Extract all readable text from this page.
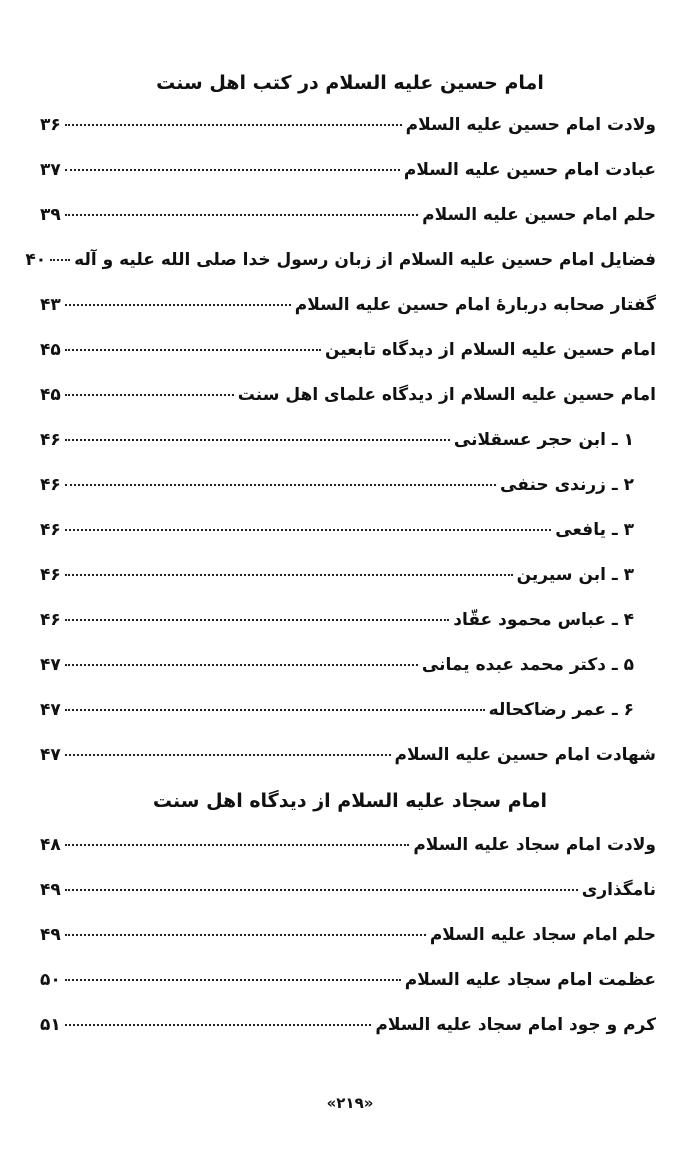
امام حسین عليه السلام در کتب اهل سنت
ولادت امام حسین عليه السلام
۳۶
عبادت امام حسین عليه السلام
۳۷
حلم امام حسین عليه السلام
۳۹
فضایل امام حسین عليه السلام از زبان رسول خدا صلی الله علیه و آله
۴۰
گفتار صحابه دربارهٔ امام حسین عليه السلام
۴۳
امام حسین عليه السلام از دیدگاه تابعین
۴۵
امام حسین عليه السلام از دیدگاه علمای اهل سنت
۴۵
۱ ـ ابن حجر عسقلانی
۴۶
۲ ـ زرندی حنفی
۴۶
۳ ـ یافعی
۴۶
۳ ـ ابن سیرین
۴۶
۴ ـ عباس محمود عقّاد
۴۶
۵ ـ دکتر محمد عبده یمانی
۴۷
۶ ـ عمر رضاکحاله
۴۷
شهادت امام حسین عليه السلام
۴۷
امام سجاد عليه السلام از دیدگاه اهل سنت
ولادت امام سجاد عليه السلام
۴۸
نامگذاری
۴۹
حلم امام سجاد عليه السلام
۴۹
عظمت امام سجاد عليه السلام
۵۰
کرم و جود امام سجاد عليه السلام
۵۱
«۲۱۹»
